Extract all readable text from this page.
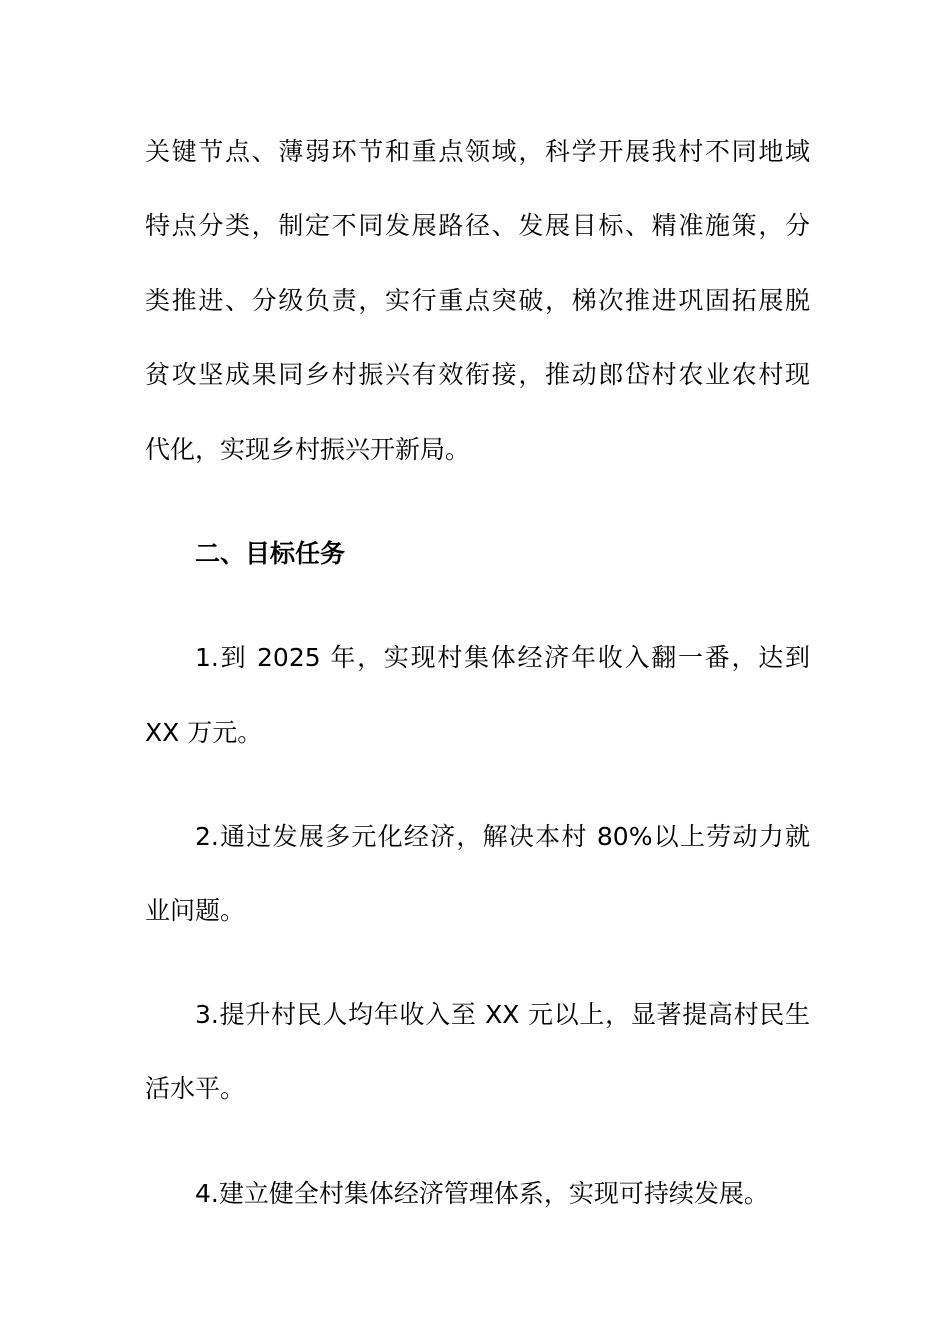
关键节点、薄弱环节和重点领域，科学开展我村不同地域
特点分类，制定不同发展路径、发展目标、精准施策，分
类推进、分级负责，实行重点突破，梯次推进巩固拓展脱
贫攻坚成果同乡村振兴有效衔接，推动郎岱村农业农村现
代化，实现乡村振兴开新局。
二、目标任务
1.到 2025 年，实现村集体经济年收入翻一番，达到
XX 万元。
2.通过发展多元化经济，解决本村 80%以上劳动力就
业问题。
3.提升村民人均年收入至 XX 元以上，显著提高村民生
活水平。
4.建立健全村集体经济管理体系，实现可持续发展。
